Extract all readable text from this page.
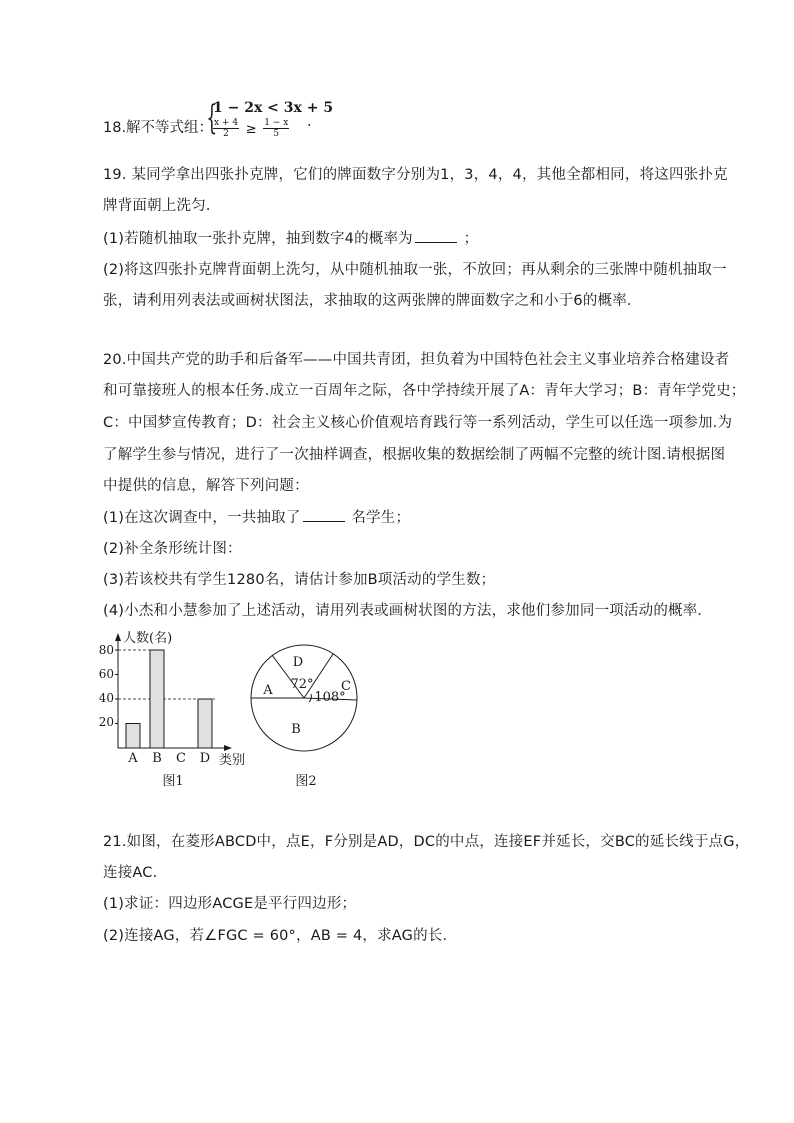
18.解不等式组：
{
1 − 2x < 3x + 5
$\frac{x + 4}{2} \ge \frac{1 - x}{5}$ .
19. 某同学拿出四张扑克牌，它们的牌面数字分别为1，3，4，4，其他全都相同，将这四张扑克
牌背面朝上洗匀．
(1)若随机抽取一张扑克牌，抽到数字4的概率为	；
(2)将这四张扑克牌背面朝上洗匀，从中随机抽取一张，不放回；再从剩余的三张牌中随机抽取一
张，请利用列表法或画树状图法，求抽取的这两张牌的牌面数字之和小于6的概率．
20.中国共产党的助手和后备军——中国共青团，担负着为中国特色社会主义事业培养合格建设者
和可靠接班人的根本任务.成立一百周年之际，各中学持续开展了A：青年大学习；B：青年学党史；
C：中国梦宣传教育；D：社会主义核心价值观培育践行等一系列活动，学生可以任选一项参加.为
了解学生参与情况，进行了一次抽样调查，根据收集的数据绘制了两幅不完整的统计图.请根据图
中提供的信息，解答下列问题：
(1)在这次调查中，一共抽取了	名学生；
(2)补全条形统计图：
(3)若该校共有学生1280名，请估计参加B项活动的学生数；
(4)小杰和小慧参加了上述活动，请用列表或画树状图的方法，求他们参加同一项活动的概率．
人数(名)
类别
80
60
40
20
A B C D
图1
D
72°
A	108°
C
B
图2
21.如图，在菱形ABCD中，点E，F分别是AD，DC的中点，连接EF并延长，交BC的延长线于点G，
连接AC．
(1)求证：四边形ACGE是平行四边形；
(2)连接AG，若∠FGC = 60°，AB = 4，求AG的长．
